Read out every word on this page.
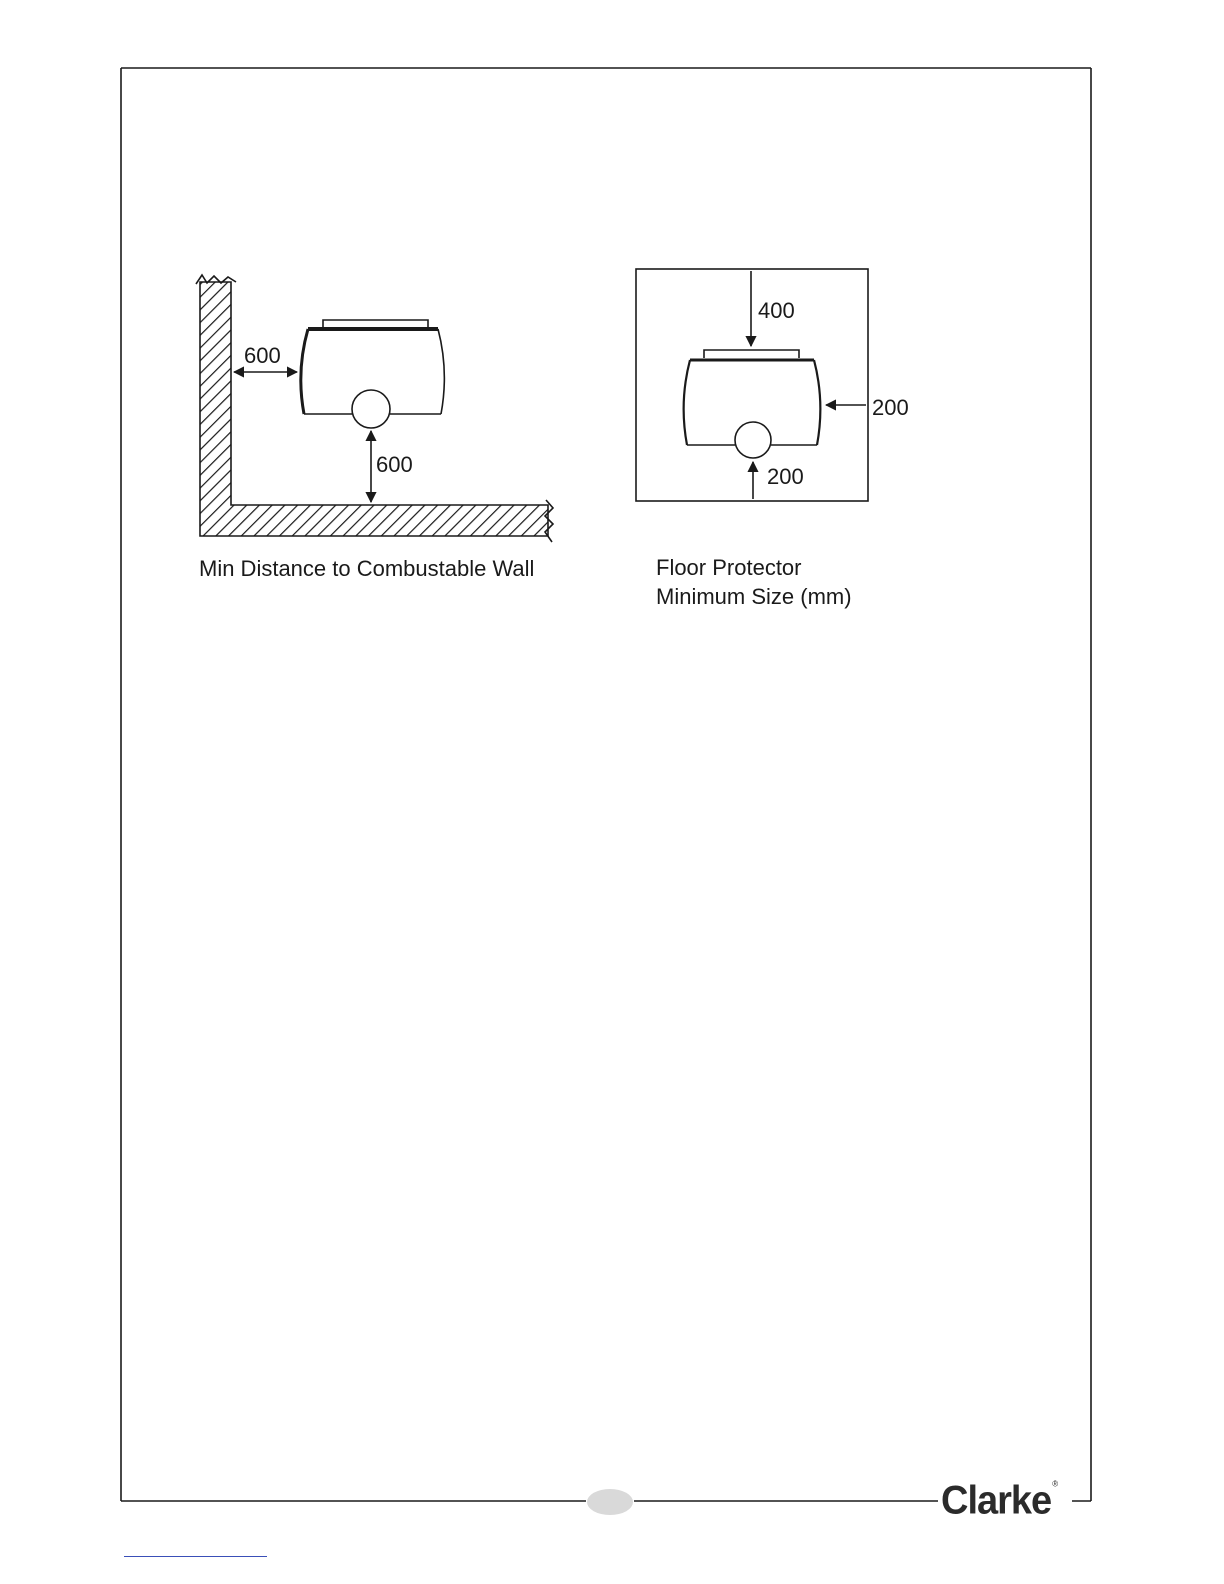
600
600
400
200
200

Min Distance to Combustable Wall	Floor Protector
Minimum Size (mm)

Clarke®
